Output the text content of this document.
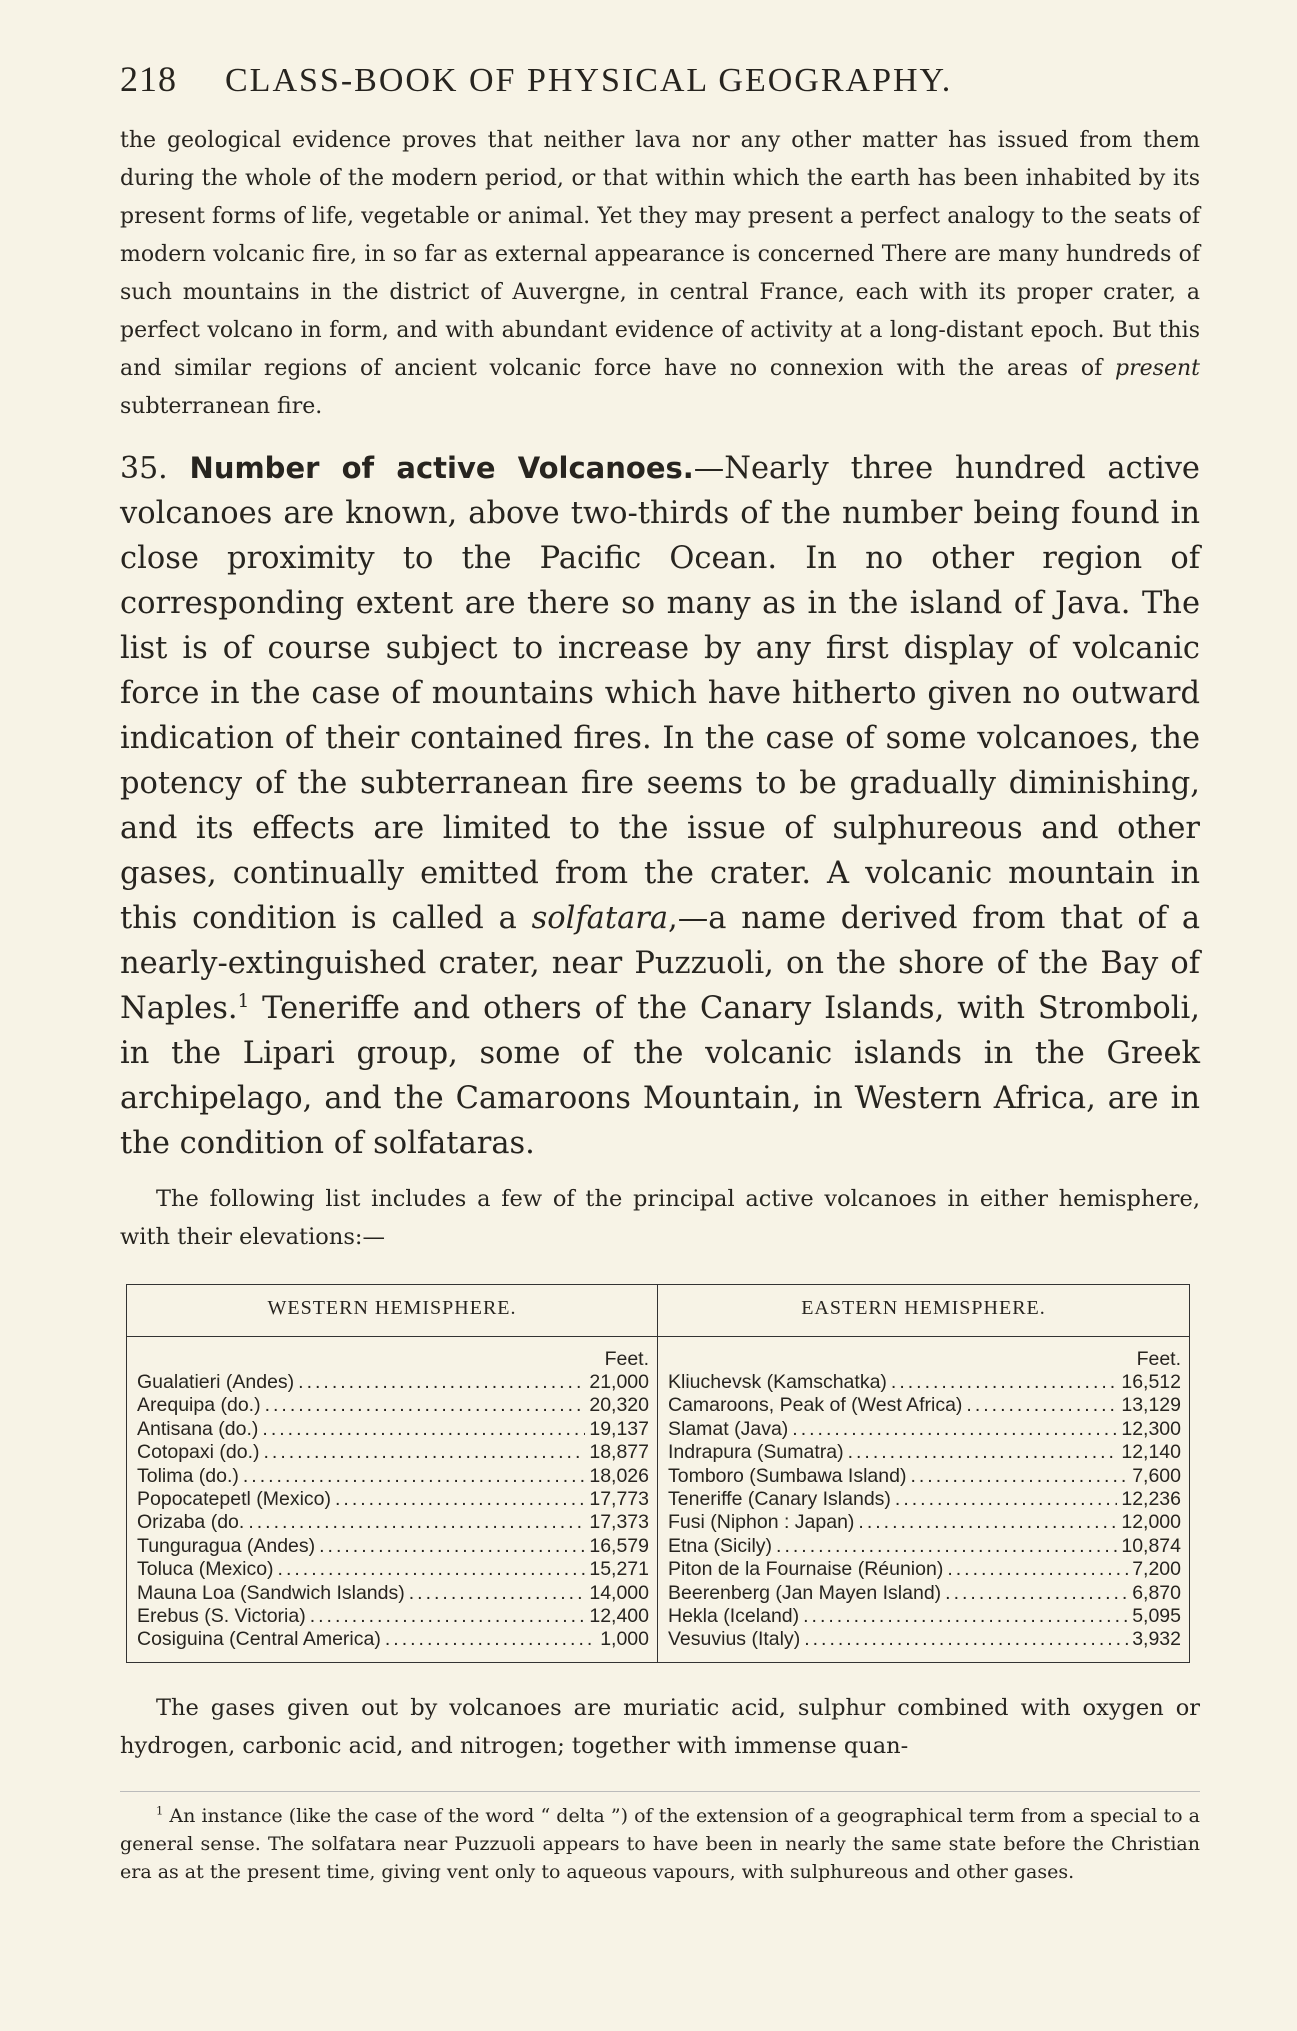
218 CLASS-BOOK OF PHYSICAL GEOGRAPHY.

the geological evidence proves that neither lava nor any other matter has issued from them during the whole of the modern period, or that within which the earth has been inhabited by its present forms of life, vegetable or animal. Yet they may present a perfect analogy to the seats of modern volcanic fire, in so far as external appearance is concerned There are many hundreds of such mountains in the district of Auvergne, in central France, each with its proper crater, a perfect volcano in form, and with abundant evidence of activity at a long-distant epoch. But this and similar regions of ancient volcanic force have no connexion with the areas of present subterranean fire.

35. Number of active Volcanoes.—Nearly three hundred active volcanoes are known, above two-thirds of the number being found in close proximity to the Pacific Ocean. In no other region of corresponding extent are there so many as in the island of Java. The list is of course subject to increase by any first display of volcanic force in the case of mountains which have hitherto given no outward indication of their contained fires. In the case of some volcanoes, the potency of the subterranean fire seems to be gradually diminishing, and its effects are limited to the issue of sulphureous and other gases, continually emitted from the crater. A volcanic mountain in this condition is called a solfatara,—a name derived from that of a nearly-extinguished crater, near Puzzuoli, on the shore of the Bay of Naples.$^1$ Teneriffe and others of the Canary Islands, with Stromboli, in the Lipari group, some of the volcanic islands in the Greek archipelago, and the Camaroons Mountain, in Western Africa, are in the condition of solfataras.

The following list includes a few of the principal active volcanoes in either hemisphere, with their elevations:—

WESTERN HEMISPHERE.
Feet.
Gualatieri (Andes) .....	21,000
Arequipa (do.) .....	20,320
Antisana (do.) .....	19,137
Cotopaxi (do.) .....	18,877
Tolima (do.) .....	18,026
Popocatepetl (Mexico) .....	17,773
Orizaba (do. .....	17,373
Tunguragua (Andes) .....	16,579
Toluca (Mexico) .....	15,271
Mauna Loa (Sandwich Islands) .....	14,000
Erebus (S. Victoria) .....	12,400
Cosiguina (Central America) .....	1,000
EASTERN HEMISPHERE.
Feet.
Kliuchevsk (Kamschatka) .....	16,512
Camaroons, Peak of (West Africa) .....	13,129
Slamat (Java) .....	12,300
Indrapura (Sumatra) .....	12,140
Tomboro (Sumbawa Island) .....	7,600
Teneriffe (Canary Islands) .....	12,236
Fusi (Niphon : Japan) .....	12,000
Etna (Sicily) .....	10,874
Piton de la Fournaise (Réunion) .....	7,200
Beerenberg (Jan Mayen Island) .....	6,870
Hekla (Iceland) .....	5,095
Vesuvius (Italy) .....	3,932

The gases given out by volcanoes are muriatic acid, sulphur combined with oxygen or hydrogen, carbonic acid, and nitrogen; together with immense quan-

$^1$ An instance (like the case of the word “ delta ”) of the extension of a geographical term from a special to a general sense. The solfatara near Puzzuoli appears to have been in nearly the same state before the Christian era as at the present time, giving vent only to aqueous vapours, with sulphureous and other gases.
